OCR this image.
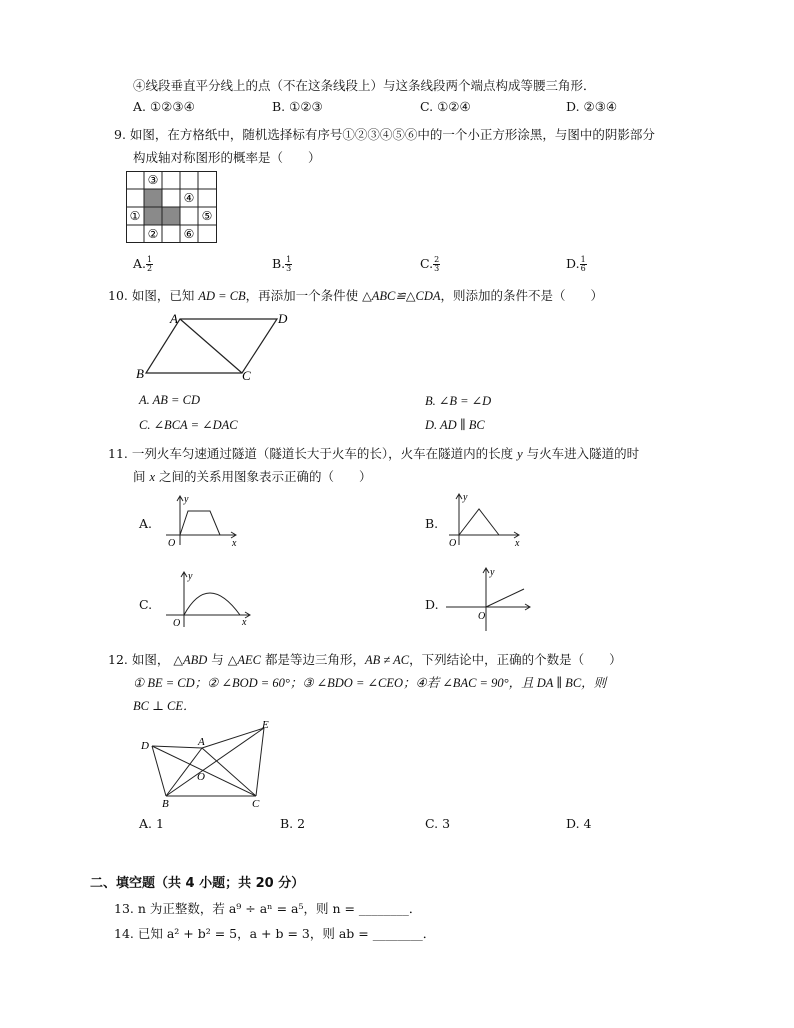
④线段垂直平分线上的点（不在这条线段上）与这条线段两个端点构成等腰三角形．
A. ①②③④	B. ①②③	C. ①②④	D. ②③④
9. 如图，在方格纸中，随机选择标有序号①②③④⑤⑥中的一个小正方形涂黑，与图中的阴影部分
构成轴对称图形的概率是（　　）
③
④
①	⑤
② ⑥
A. $\frac{1}{2}$	B. $\frac{1}{3}$	C. $\frac{2}{3}$	D. $\frac{1}{6}$
10. 如图，已知 AD = CB，再添加一个条件使 △ABC≌△CDA，则添加的条件不是（　　）
A	D
B	C
A. AB = CD	B. ∠B = ∠D
C. ∠BCA = ∠DAC	D. AD ∥ BC
11. 一列火车匀速通过隧道（隧道长大于火车的长），火车在隧道内的长度 y 与火车进入隧道的时
间 x 之间的关系用图象表示正确的（　　）
A.
y
x
O
B.
y
x
O
C.
y
x
O
D.
y
O
12. 如图， △ABD 与 △AEC 都是等边三角形，AB ≠ AC，下列结论中，正确的个数是（　　）
① BE = CD；② ∠BOD = 60°；③ ∠BDO = ∠CEO；④若 ∠BAC = 90°，且 DA ∥ BC，则
BC ⊥ CE．
D	A
E
O
B	C
A. 1	B. 2	C. 3	D. 4
二、填空题（共 4 小题；共 20 分）
13. n 为正整数，若 a⁹ ÷ aⁿ = a⁵，则 n = ________．
14. 已知 a² + b² = 5，a + b = 3，则 ab = ________．
